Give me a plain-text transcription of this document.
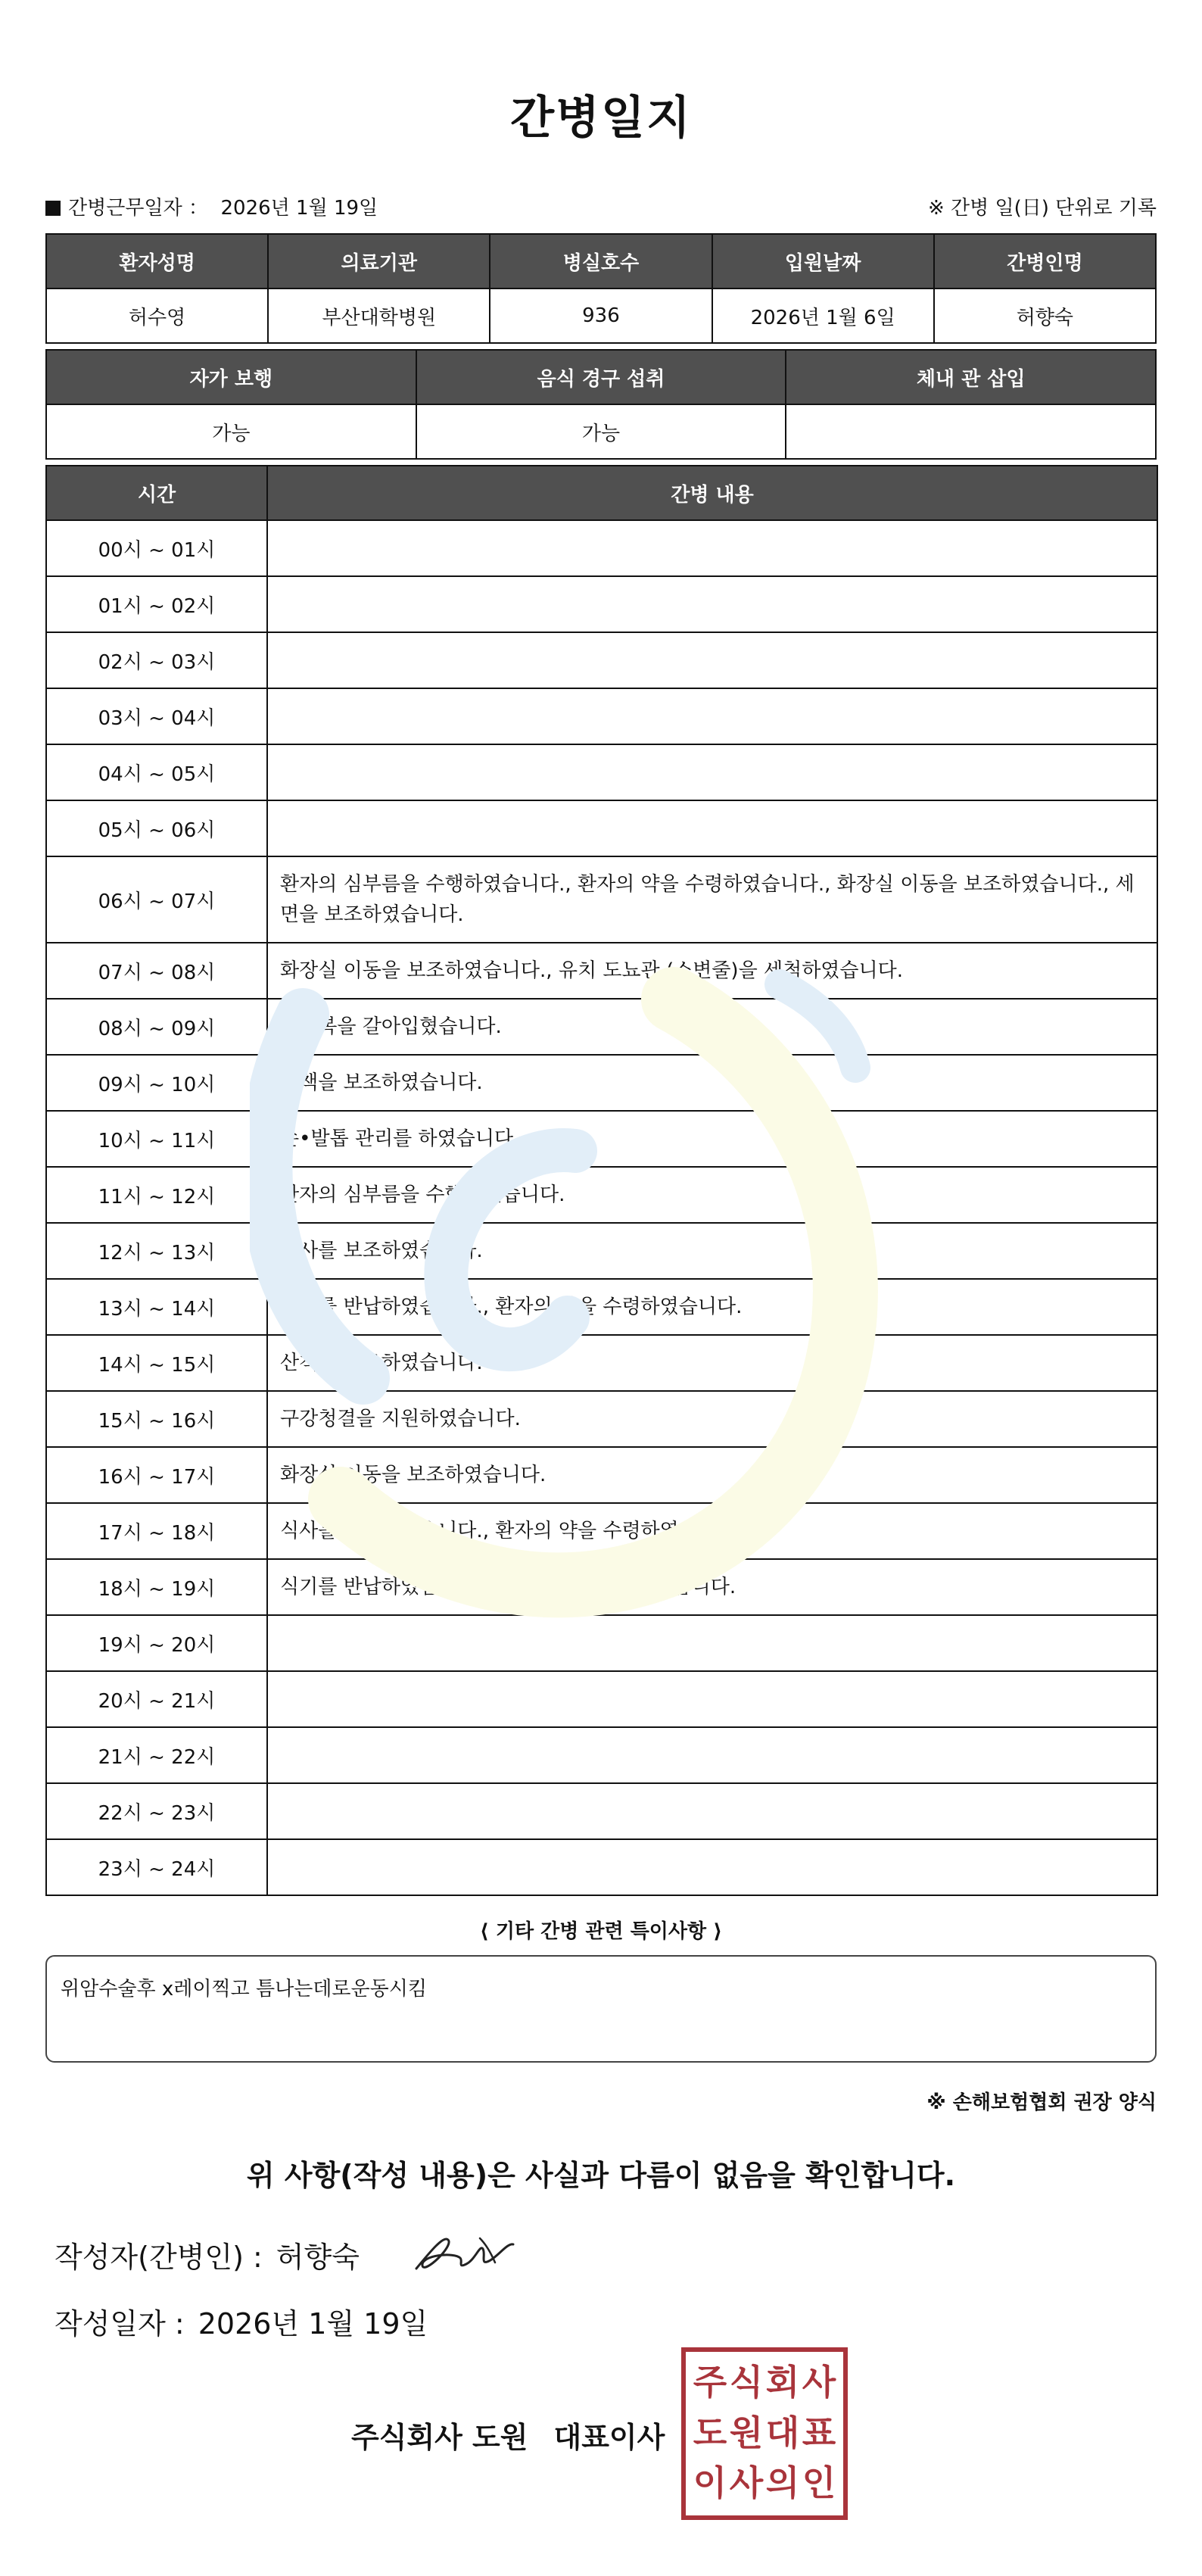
간병일지
간병근무일자 ： 2026년 1월 19일	※ 간병 일(日) 단위로 기록
환자성명	의료기관	병실호수	입원날짜	간병인명
허수영	부산대학병원	936	2026년 1월 6일	허향숙
자가 보행	음식 경구 섭취	체내 관 삽입
가능	가능	
시간	간병 내용
00시 ~ 01시	
01시 ~ 02시	
02시 ~ 03시	
03시 ~ 04시	
04시 ~ 05시	
05시 ~ 06시	
06시 ~ 07시	환자의 심부름을 수행하였습니다., 환자의 약을 수령하였습니다., 화장실 이동을 보조하였습니다., 세면을 보조하였습니다.
07시 ~ 08시	화장실 이동을 보조하였습니다., 유치 도뇨관 (소변줄)을 세척하였습니다.
08시 ~ 09시	환자복을 갈아입혔습니다.
09시 ~ 10시	산책을 보조하였습니다.
10시 ~ 11시	손•발톱 관리를 하였습니다.
11시 ~ 12시	환자의 심부름을 수행하였습니다.
12시 ~ 13시	식사를 보조하였습니다.
13시 ~ 14시	식기를 반납하였습니다., 환자의 약을 수령하였습니다.
14시 ~ 15시	산책을 보조하였습니다.
15시 ~ 16시	구강청결을 지원하였습니다.
16시 ~ 17시	화장실 이동을 보조하였습니다.
17시 ~ 18시	식사를 보조하였습니다., 환자의 약을 수령하였습니다.
18시 ~ 19시	식기를 반납하였습니다., 구강청결을 지원하였습니다.
19시 ~ 20시	
20시 ~ 21시	
21시 ~ 22시	
22시 ~ 23시	
23시 ~ 24시	
⟨ 기타 간병 관련 특이사항 ⟩
위암수술후 x레이찍고 틈나는데로운동시킴
※ 손해보험협회 권장 양식
위 사항(작성 내용)은 사실과 다름이 없음을 확인합니다.
작성자(간병인) : 허향숙
작성일자 : 2026년 1월 19일
주식회사 도원 대표이사
주 식 회 사
도 원 대 표
이 사 의 인
